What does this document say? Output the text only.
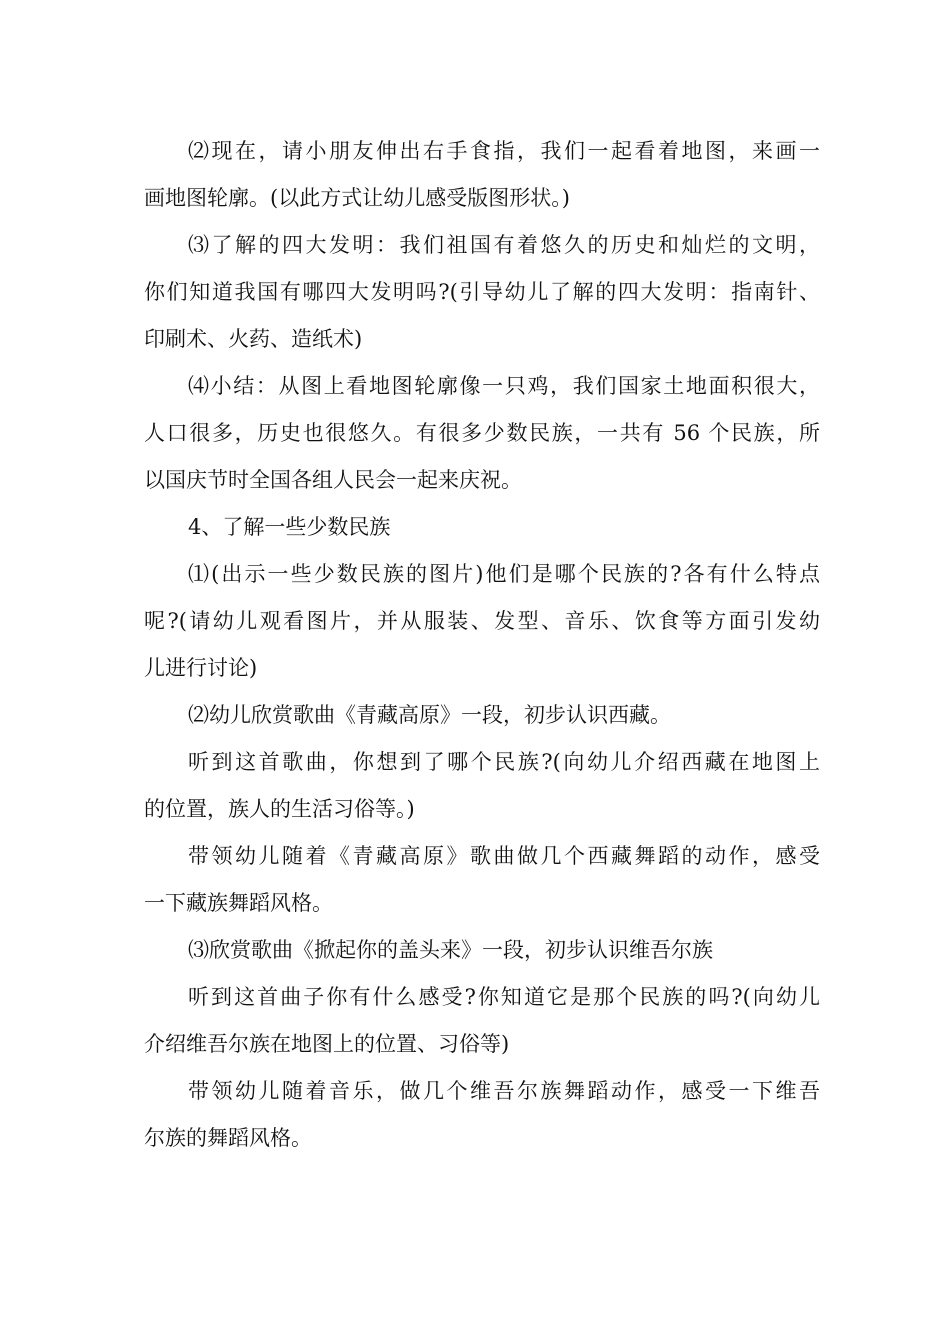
⑵现在，请小朋友伸出右手食指，我们一起看着地图，来画一
画地图轮廓。(以此方式让幼儿感受版图形状。)
⑶了解的四大发明：我们祖国有着悠久的历史和灿烂的文明，
你们知道我国有哪四大发明吗?(引导幼儿了解的四大发明：指南针、
印刷术、火药、造纸术)
⑷小结：从图上看地图轮廓像一只鸡，我们国家土地面积很大，
人口很多，历史也很悠久。有很多少数民族，一共有 56 个民族，所
以国庆节时全国各组人民会一起来庆祝。
4、了解一些少数民族
⑴(出示一些少数民族的图片)他们是哪个民族的?各有什么特点
呢?(请幼儿观看图片，并从服装、发型、音乐、饮食等方面引发幼
儿进行讨论)
⑵幼儿欣赏歌曲《青藏高原》一段，初步认识西藏。
听到这首歌曲，你想到了哪个民族?(向幼儿介绍西藏在地图上
的位置，族人的生活习俗等。)
带领幼儿随着《青藏高原》歌曲做几个西藏舞蹈的动作，感受
一下藏族舞蹈风格。
⑶欣赏歌曲《掀起你的盖头来》一段，初步认识维吾尔族
听到这首曲子你有什么感受?你知道它是那个民族的吗?(向幼儿
介绍维吾尔族在地图上的位置、习俗等)
带领幼儿随着音乐，做几个维吾尔族舞蹈动作，感受一下维吾
尔族的舞蹈风格。
